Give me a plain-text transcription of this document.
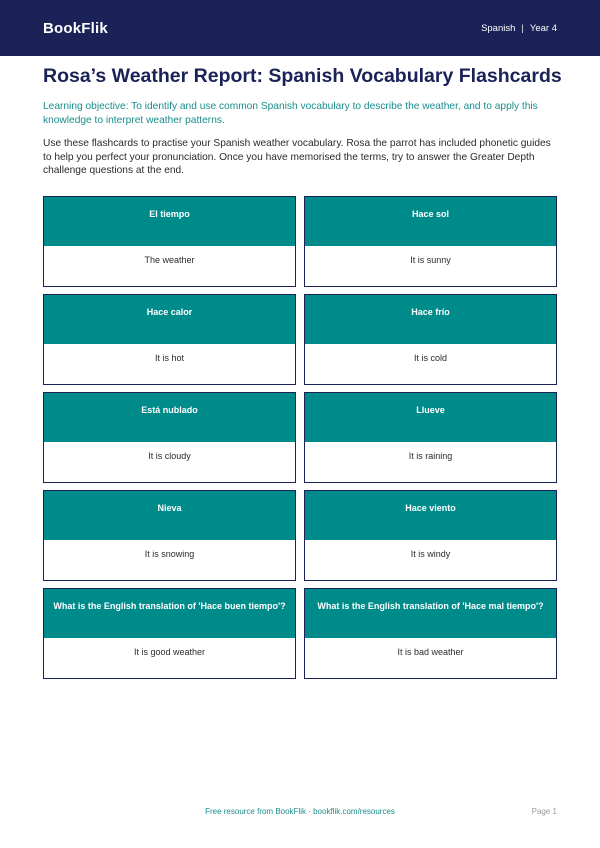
BookFlik	Spanish | Year 4
Rosa’s Weather Report: Spanish Vocabulary Flashcards

Learning objective: To identify and use common Spanish vocabulary to describe the weather, and to apply this knowledge to interpret weather patterns.

Use these flashcards to practise your Spanish weather vocabulary. Rosa the parrot has included phonetic guides to help you perfect your pronunciation. Once you have memorised the terms, try to answer the Greater Depth challenge questions at the end.

El tiempo
The weather
Hace sol
It is sunny
Hace calor
It is hot
Hace frío
It is cold
Está nublado
It is cloudy
Llueve
It is raining
Nieva
It is snowing
Hace viento
It is windy
What is the English translation of 'Hace buen tiempo'?
It is good weather
What is the English translation of 'Hace mal tiempo'?
It is bad weather
Free resource from BookFlik · bookflik.com/resources	Page 1
